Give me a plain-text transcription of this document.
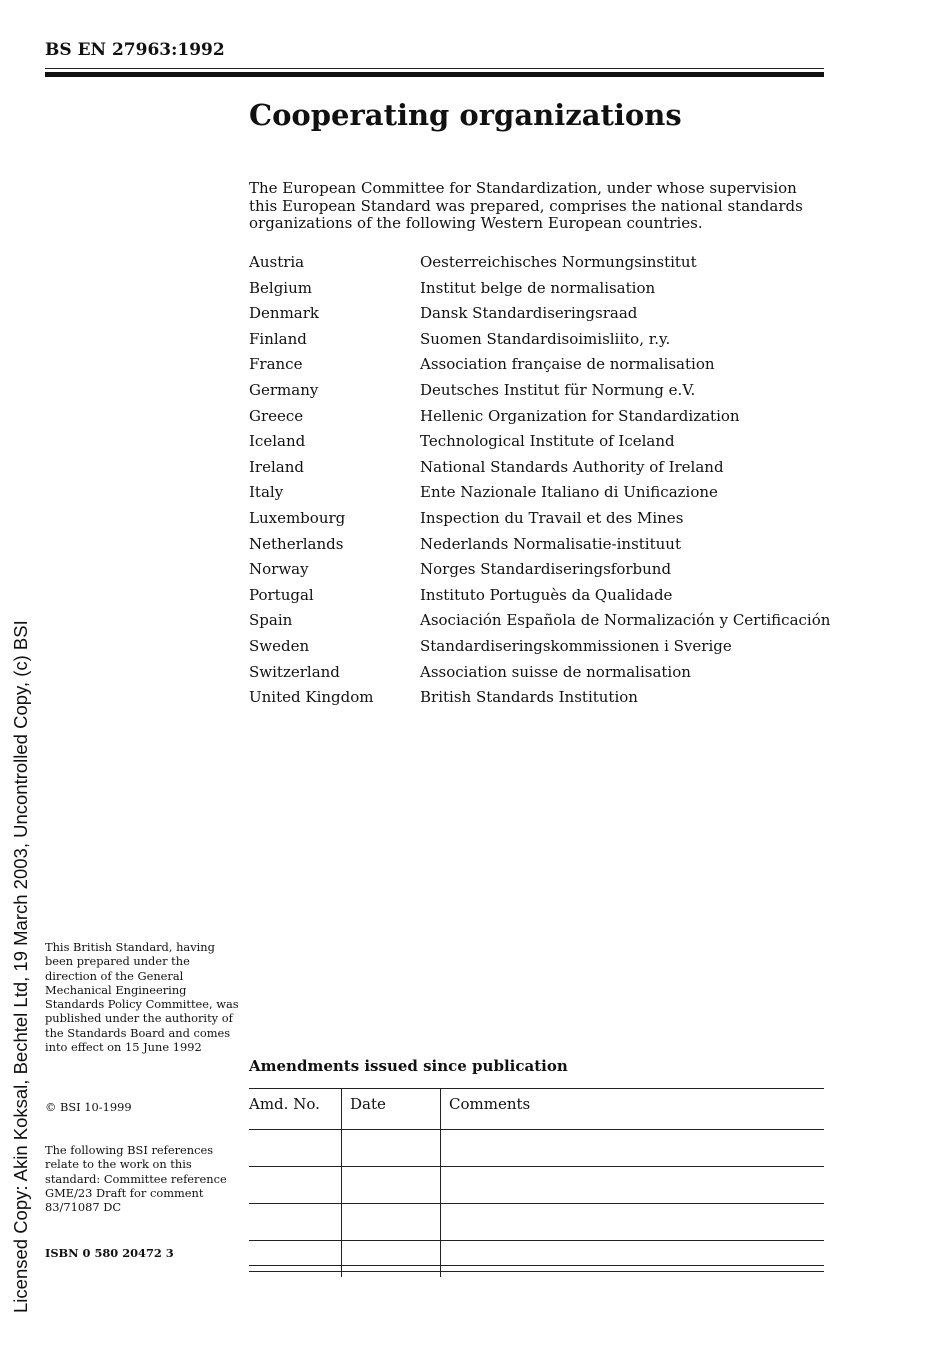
BS EN 27963:1992
Cooperating organizations

The European Committee for Standardization, under whose supervision this European Standard was prepared, comprises the national standards organizations of the following Western European countries.

Austria	Oesterreichisches Normungsinstitut
Belgium	Institut belge de normalisation
Denmark	Dansk Standardiseringsraad
Finland	Suomen Standardisoimisliito, r.y.
France	Association française de normalisation
Germany	Deutsches Institut für Normung e.V.
Greece	Hellenic Organization for Standardization
Iceland	Technological Institute of Iceland
Ireland	National Standards Authority of Ireland
Italy	Ente Nazionale Italiano di Unificazione
Luxembourg	Inspection du Travail et des Mines
Netherlands	Nederlands Normalisatie-instituut
Norway	Norges Standardiseringsforbund
Portugal	Instituto Portuguès da Qualidade
Spain	Asociación Española de Normalización y Certificación
Sweden	Standardiseringskommissionen i Sverige
Switzerland	Association suisse de normalisation
United Kingdom	British Standards Institution
Licensed Copy: Akin Koksal, Bechtel Ltd, 19 March 2003, Uncontrolled Copy, (c) BSI This British Standard, having been prepared under the direction of the General Mechanical Engineering Standards Policy Committee, was published under the authority of the Standards Board and comes into effect on 15 June 1992

© BSI 10-1999

The following BSI references relate to the work on this standard: Committee reference GME/23 Draft for comment 83/71087 DC

ISBN 0 580 20472 3
Amendments issued since publication
Amd. No.	Date	Comments
